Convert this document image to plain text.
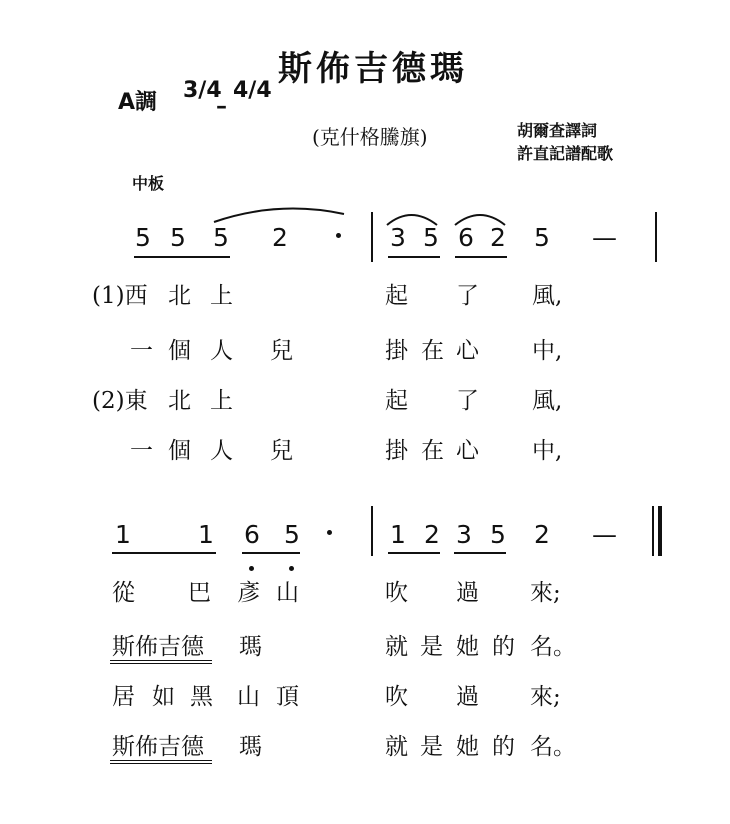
斯佈吉德瑪
A調 3/4
–
4/4
(克什格騰旗)	胡爾查譯詞
許直記譜配歌
中板
5 5 5 2	3 5 6 2 5 —
(1)西 北 上	起 了 風,
一 個 人 兒	掛 在 心 中,
(2)東 北 上	起 了 風,
一 個 人 兒	掛 在 心 中,
1	1 6 5	1 2 3 5 2 —
從 巴 彥 山	吹 過 來;
斯佈吉德 瑪	就 是 她 的 名。
居 如 黑 山 頂	吹 過 來;
斯佈吉德 瑪	就 是 她 的 名。
